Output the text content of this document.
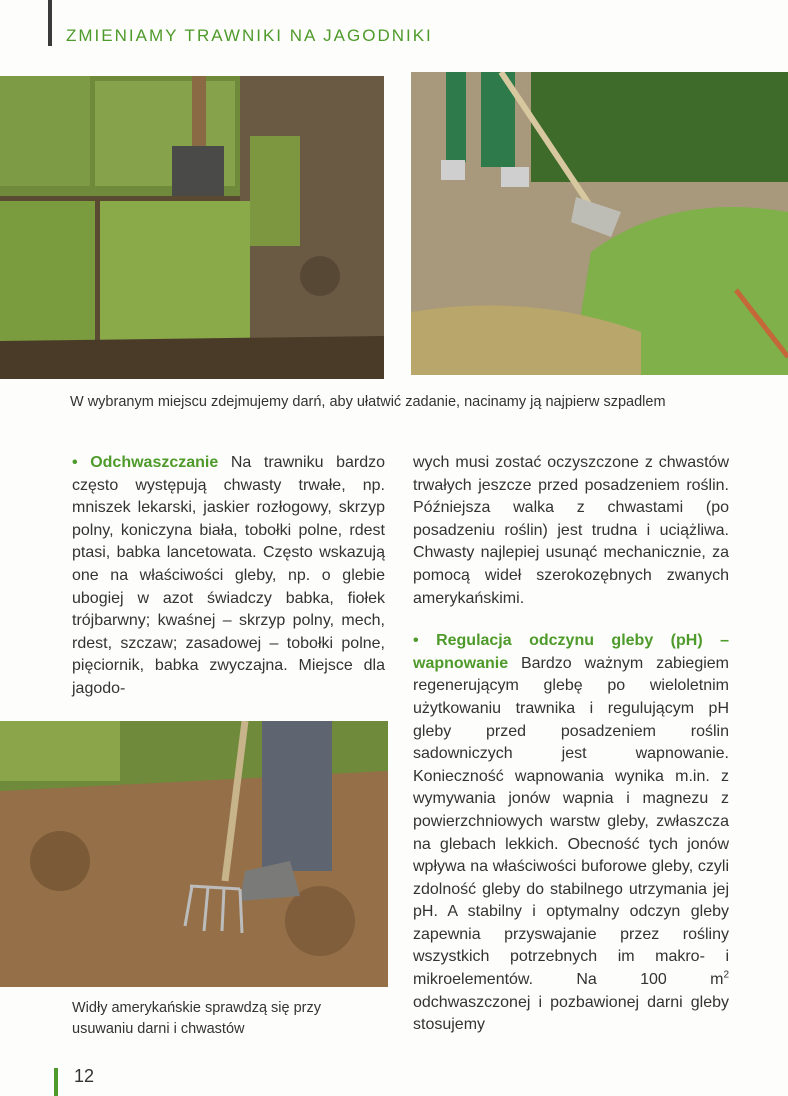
ZMIENIAMY TRAWNIKI NA JAGODNIKI
W wybranym miejscu zdejmujemy darń, aby ułatwić zadanie, nacinamy ją najpierw szpadlem

• Odchwaszczanie Na trawniku bardzo często występują chwasty trwałe, np. mniszek lekarski, jaskier rozłogowy, skrzyp polny, koniczyna biała, tobołki polne, rdest ptasi, babka lancetowata. Często wskazują one na właściwości gleby, np. o glebie ubogiej w azot świadczy babka, fiołek trójbarwny; kwaśnej – skrzyp polny, mech, rdest, szczaw; zasadowej – tobołki polne, pięciornik, babka zwyczajna. Miejsce dla jagodo-

Widły amerykańskie sprawdzą się przy usuwaniu darni i chwastów

wych musi zostać oczyszczone z chwastów trwałych jeszcze przed posadzeniem roślin. Późniejsza walka z chwastami (po posadzeniu roślin) jest trudna i uciążliwa. Chwasty najlepiej usunąć mechanicznie, za pomocą wideł szerokozębnych zwanych amerykańskimi.

• Regulacja odczynu gleby (pH) – wapnowanie Bardzo ważnym zabiegiem regenerującym glebę po wieloletnim użytkowaniu trawnika i regulującym pH gleby przed posadzeniem roślin sadowniczych jest wapnowanie. Konieczność wapnowania wynika m.in. z wymywania jonów wapnia i magnezu z powierzchniowych warstw gleby, zwłaszcza na glebach lekkich. Obecność tych jonów wpływa na właściwości buforowe gleby, czyli zdolność gleby do stabilnego utrzymania jej pH. A stabilny i optymalny odczyn gleby zapewnia przyswajanie przez rośliny wszystkich potrzebnych im makro- i mikroelementów. Na 100 $m^2$ odchwaszczonej i pozbawionej darni gleby stosujemy

12
